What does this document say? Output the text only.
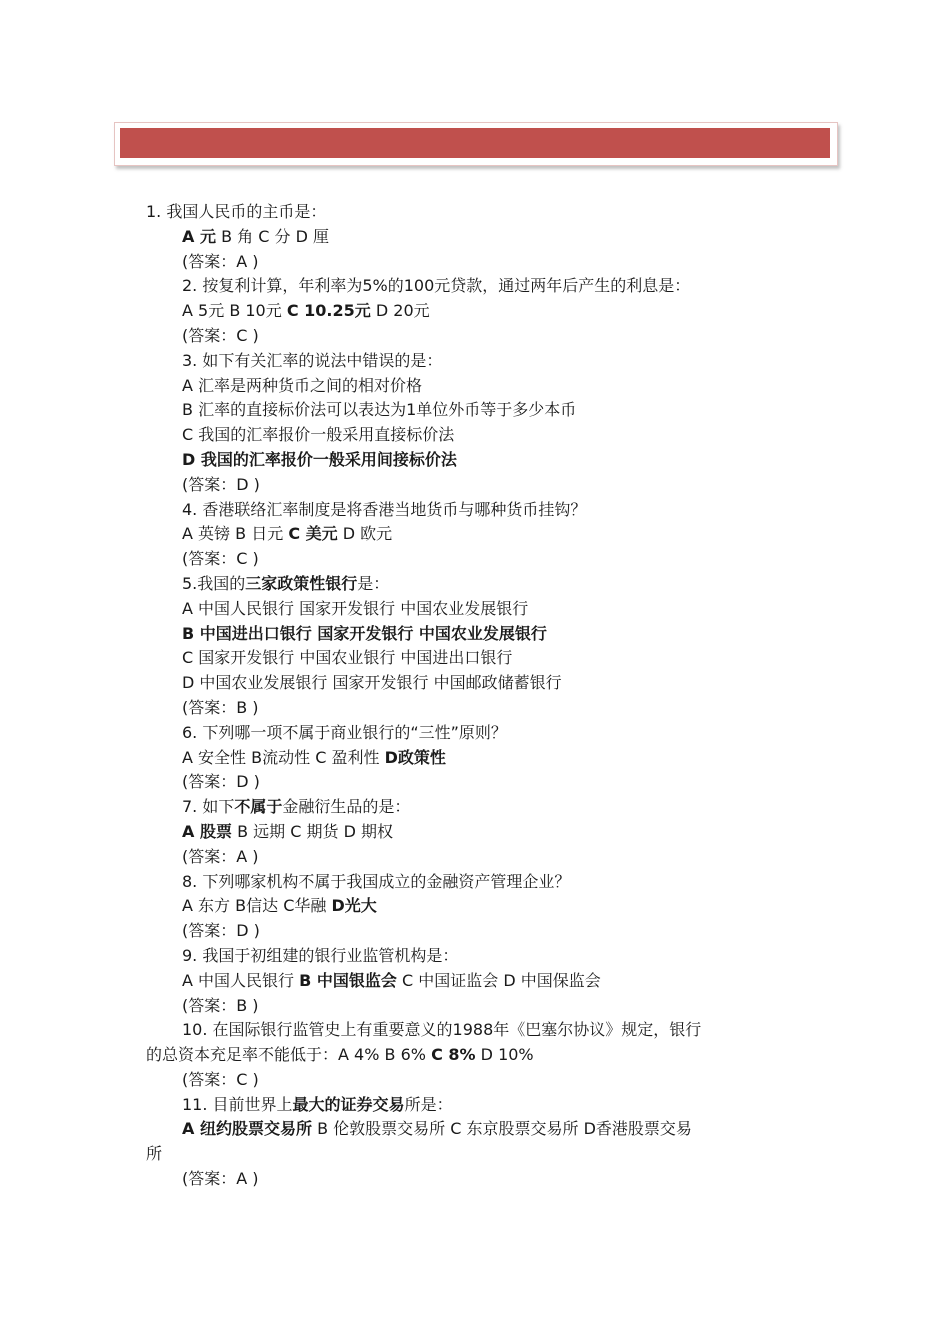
1. 我国人民币的主币是：
A 元 B 角 C 分 D 厘
(答案：A )
2. 按复利计算，年利率为5%的100元贷款，通过两年后产生的利息是：
A 5元 B 10元 C 10.25元 D 20元
(答案：C )
3. 如下有关汇率的说法中错误的是：
A 汇率是两种货币之间的相对价格
B 汇率的直接标价法可以表达为1单位外币等于多少本币
C 我国的汇率报价一般采用直接标价法
D 我国的汇率报价一般采用间接标价法
(答案：D )
4. 香港联络汇率制度是将香港当地货币与哪种货币挂钩？
A 英镑 B 日元 C 美元 D 欧元
(答案：C )
5.我国的三家政策性银行是：
A 中国人民银行 国家开发银行 中国农业发展银行
B 中国进出口银行 国家开发银行 中国农业发展银行
C 国家开发银行 中国农业银行 中国进出口银行
D 中国农业发展银行 国家开发银行 中国邮政储蓄银行
(答案：B )
6. 下列哪一项不属于商业银行的“三性”原则？
A 安全性 B流动性 C 盈利性 D政策性
(答案：D )
7. 如下不属于金融衍生品的是：
A 股票 B 远期 C 期货 D 期权
(答案：A )
8. 下列哪家机构不属于我国成立的金融资产管理企业？
A 东方 B信达 C华融 D光大
(答案：D )
9. 我国于初组建的银行业监管机构是：
A 中国人民银行 B 中国银监会 C 中国证监会 D 中国保监会
(答案：B )
10. 在国际银行监管史上有重要意义的1988年《巴塞尔协议》规定，银行
的总资本充足率不能低于：A 4% B 6% C 8% D 10%
(答案：C )
11. 目前世界上最大的证券交易所是：
A 纽约股票交易所 B 伦敦股票交易所 C 东京股票交易所 D香港股票交易
所
(答案：A )
